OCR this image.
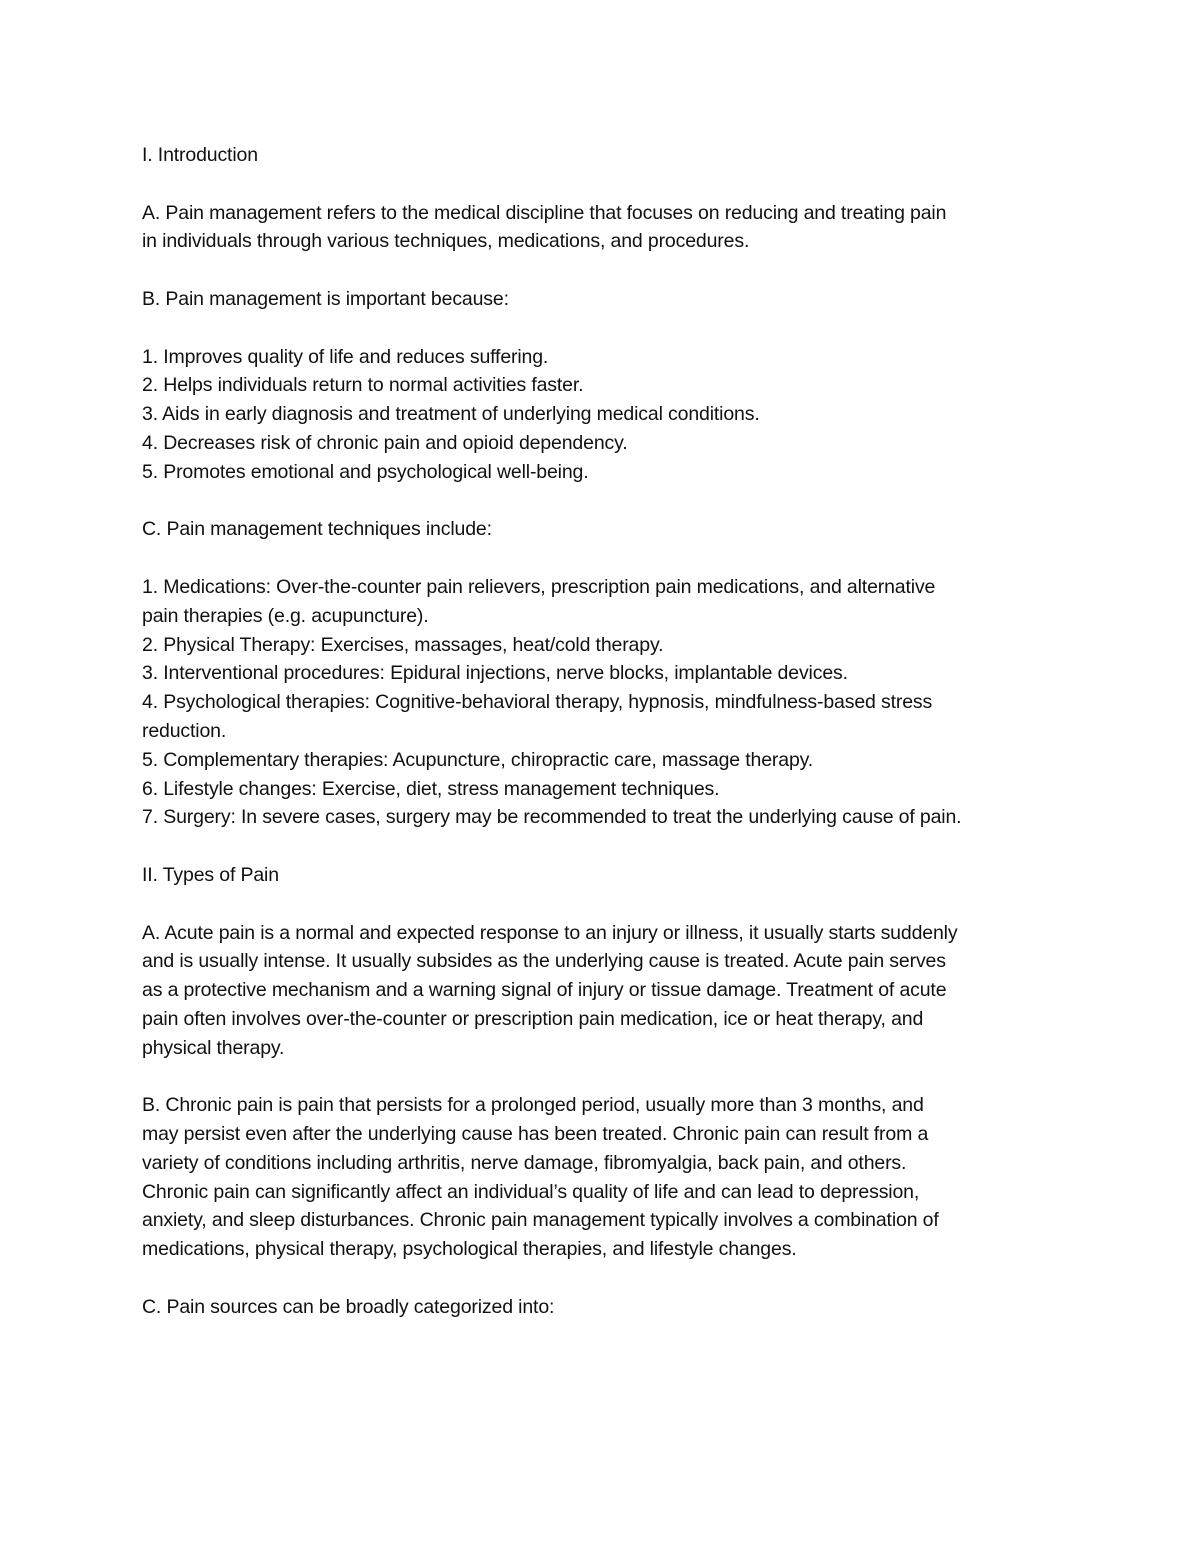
I. Introduction
A. Pain management refers to the medical discipline that focuses on reducing and treating pain
in individuals through various techniques, medications, and procedures.
B. Pain management is important because:
1. Improves quality of life and reduces suffering.
2. Helps individuals return to normal activities faster.
3. Aids in early diagnosis and treatment of underlying medical conditions.
4. Decreases risk of chronic pain and opioid dependency.
5. Promotes emotional and psychological well-being.
C. Pain management techniques include:
1. Medications: Over-the-counter pain relievers, prescription pain medications, and alternative
pain therapies (e.g. acupuncture).
2. Physical Therapy: Exercises, massages, heat/cold therapy.
3. Interventional procedures: Epidural injections, nerve blocks, implantable devices.
4. Psychological therapies: Cognitive-behavioral therapy, hypnosis, mindfulness-based stress
reduction.
5. Complementary therapies: Acupuncture, chiropractic care, massage therapy.
6. Lifestyle changes: Exercise, diet, stress management techniques.
7. Surgery: In severe cases, surgery may be recommended to treat the underlying cause of pain.
II. Types of Pain
A. Acute pain is a normal and expected response to an injury or illness, it usually starts suddenly
and is usually intense. It usually subsides as the underlying cause is treated. Acute pain serves
as a protective mechanism and a warning signal of injury or tissue damage. Treatment of acute
pain often involves over-the-counter or prescription pain medication, ice or heat therapy, and
physical therapy.
B. Chronic pain is pain that persists for a prolonged period, usually more than 3 months, and
may persist even after the underlying cause has been treated. Chronic pain can result from a
variety of conditions including arthritis, nerve damage, fibromyalgia, back pain, and others.
Chronic pain can significantly affect an individual’s quality of life and can lead to depression,
anxiety, and sleep disturbances. Chronic pain management typically involves a combination of
medications, physical therapy, psychological therapies, and lifestyle changes.
C. Pain sources can be broadly categorized into:
